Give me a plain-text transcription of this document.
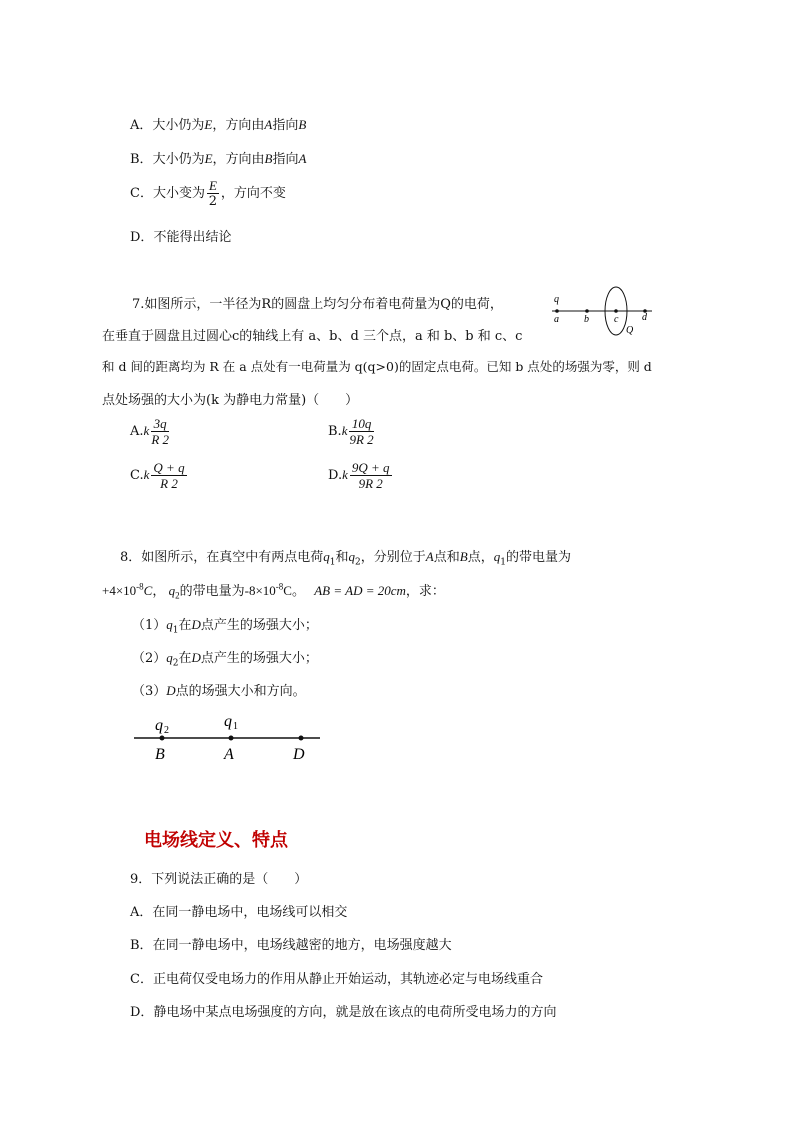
A．大小仍为E，方向由A指向B
B．大小仍为E，方向由B指向A
C．大小变为 $\frac{E}{2}$ ，方向不变
D．不能得出结论
7.如图所示，一半径为R的圆盘上均匀分布着电荷量为Q的电荷，
在垂直于圆盘且过圆心c的轴线上有 a、b、d 三个点，a 和 b、b 和 c、c
和 d 间的距离均为 R 在 a 点处有一电荷量为 q(q>0)的固定点电荷。已知 b 点处的场强为零，则 d
点处场强的大小为(k 为静电力常量)（　　）
q
a	b	c d
Q
$A.k \frac{3q}{R 2}$	$B.k \frac{10q}{9R 2}$
$C.k \frac{Q + q}{R 2}$	$D.k \frac{9Q + q}{9R 2}$
8．如图所示，在真空中有两点电荷$q_1$和$q_2$，分别位于A点和B点，$q_1$的带电量为
$+4\times 10^{-8}C$， $q_2$的带电量为$-8\times 10^{-8}C$。 AB = AD = 20cm，求：
$(1)q_1$在D点产生的场强大小；
$(2)q_2$在D点产生的场强大小；
（3）D点的场强大小和方向。
q 2
q 1
B	A	D
电场线定义、特点
9．下列说法正确的是（　　）
A．在同一静电场中，电场线可以相交
B．在同一静电场中，电场线越密的地方，电场强度越大
C．正电荷仅受电场力的作用从静止开始运动，其轨迹必定与电场线重合
D．静电场中某点电场强度的方向，就是放在该点的电荷所受电场力的方向
